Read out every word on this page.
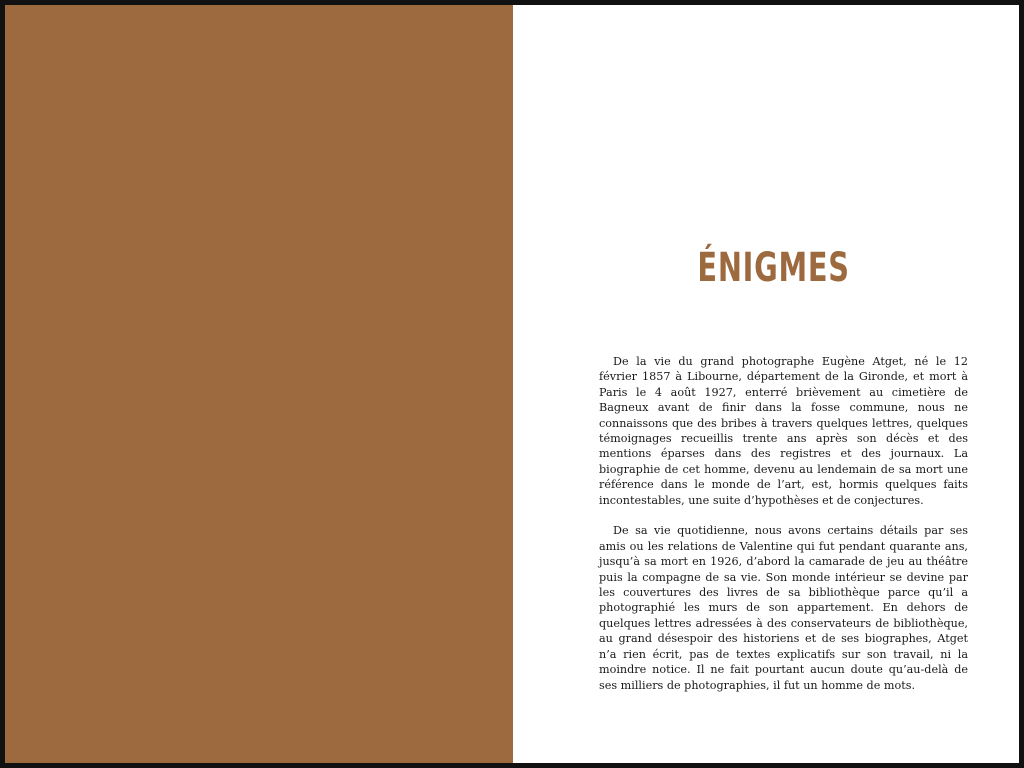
ÉNIGMES

De la vie du grand photographe Eugène Atget, né le 12 février 1857 à Libourne, département de la Gironde, et mort à Paris le 4 août 1927, enterré brièvement au cimetière de Bagneux avant de finir dans la fosse commune, nous ne connaissons que des bribes à travers quelques lettres, quelques témoignages recueillis trente ans après son décès et des mentions éparses dans des registres et des journaux. La biographie de cet homme, devenu au lendemain de sa mort une référence dans le monde de l’art, est, hormis quelques faits incontestables, une suite d’hypothèses et de conjectures.

De sa vie quotidienne, nous avons certains détails par ses amis ou les relations de Valentine qui fut pendant quarante ans, jusqu’à sa mort en 1926, d’abord la camarade de jeu au théâtre puis la compagne de sa vie. Son monde intérieur se devine par les couvertures des livres de sa bibliothèque parce qu’il a photographié les murs de son appartement. En dehors de quelques lettres adressées à des conservateurs de bibliothèque, au grand désespoir des historiens et de ses biographes, Atget n’a rien écrit, pas de textes explicatifs sur son travail, ni la moindre notice. Il ne fait pourtant aucun doute qu’au-delà de ses milliers de photographies, il fut un homme de mots.
